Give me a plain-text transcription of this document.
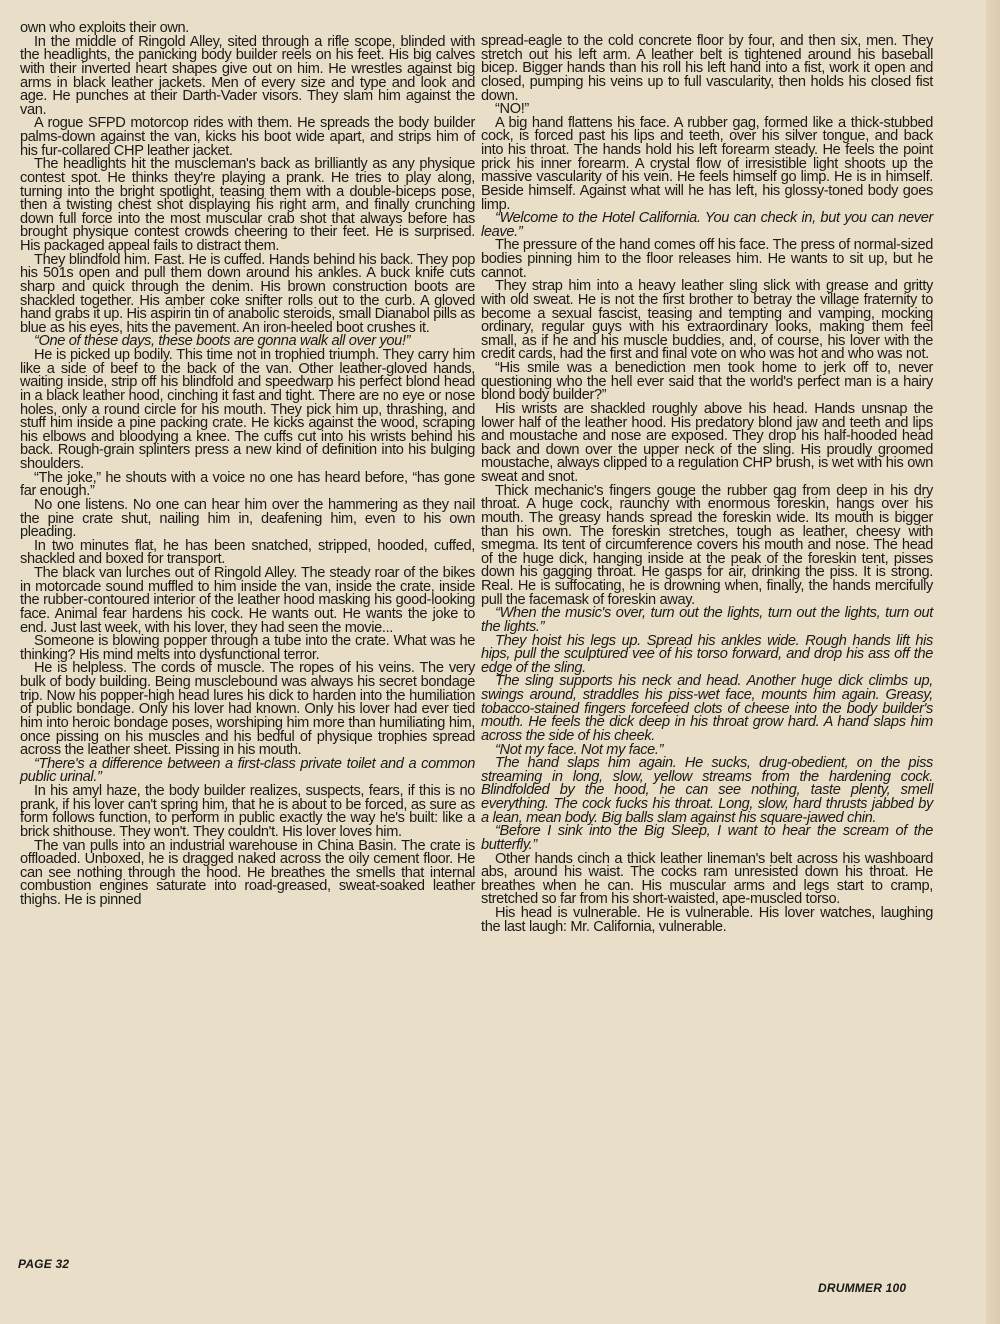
own who exploits their own.

In the middle of Ringold Alley, sited through a rifle scope, blinded with the headlights, the panicking body builder reels on his feet. His big calves with their inverted heart shapes give out on him. He wrestles against big arms in black leather jackets. Men of every size and type and look and age. He punches at their Darth-Vader visors. They slam him against the van.

A rogue SFPD motorcop rides with them. He spreads the body builder palms-down against the van, kicks his boot wide apart, and strips him of his fur-collared CHP leather jacket.

The headlights hit the muscleman's back as brilliantly as any physique contest spot. He thinks they're playing a prank. He tries to play along, turning into the bright spotlight, teasing them with a double-biceps pose, then a twisting chest shot displaying his right arm, and finally crunching down full force into the most muscular crab shot that always before has brought physique contest crowds cheering to their feet. He is surprised. His packaged appeal fails to distract them.

They blindfold him. Fast. He is cuffed. Hands behind his back. They pop his 501s open and pull them down around his ankles. A buck knife cuts sharp and quick through the denim. His brown construction boots are shackled together. His amber coke snifter rolls out to the curb. A gloved hand grabs it up. His aspirin tin of anabolic steroids, small Dianabol pills as blue as his eyes, hits the pavement. An iron-heeled boot crushes it.

“One of these days, these boots are gonna walk all over you!”

He is picked up bodily. This time not in trophied triumph. They carry him like a side of beef to the back of the van. Other leather-gloved hands, waiting inside, strip off his blindfold and speedwarp his perfect blond head in a black leather hood, cinching it fast and tight. There are no eye or nose holes, only a round circle for his mouth. They pick him up, thrashing, and stuff him inside a pine packing crate. He kicks against the wood, scraping his elbows and bloodying a knee. The cuffs cut into his wrists behind his back. Rough-grain splinters press a new kind of definition into his bulging shoulders.

“The joke,” he shouts with a voice no one has heard before, “has gone far enough.”

No one listens. No one can hear him over the hammering as they nail the pine crate shut, nailing him in, deafening him, even to his own pleading.

In two minutes flat, he has been snatched, stripped, hooded, cuffed, shackled and boxed for transport.

The black van lurches out of Ringold Alley. The steady roar of the bikes in motorcade sound muffled to him inside the van, inside the crate, inside the rubber-contoured interior of the leather hood masking his good-looking face. Animal fear hardens his cock. He wants out. He wants the joke to end. Just last week, with his lover, they had seen the movie...

Someone is blowing popper through a tube into the crate. What was he thinking? His mind melts into dysfunctional terror.

He is helpless. The cords of muscle. The ropes of his veins. The very bulk of body building. Being musclebound was always his secret bondage trip. Now his popper-high head lures his dick to harden into the humiliation of public bondage. Only his lover had known. Only his lover had ever tied him into heroic bondage poses, worshiping him more than humiliating him, once pissing on his muscles and his bedful of physique trophies spread across the leather sheet. Pissing in his mouth.

“There's a difference between a first-class private toilet and a common public urinal.”

In his amyl haze, the body builder realizes, suspects, fears, if this is no prank, if his lover can't spring him, that he is about to be forced, as sure as form follows function, to perform in public exactly the way he's built: like a brick shithouse. They won't. They couldn't. His lover loves him.

The van pulls into an industrial warehouse in China Basin. The crate is offloaded. Unboxed, he is dragged naked across the oily cement floor. He can see nothing through the hood. He breathes the smells that internal combustion engines saturate into road-greased, sweat-soaked leather thighs. He is pinned

spread-eagle to the cold concrete floor by four, and then six, men. They stretch out his left arm. A leather belt is tightened around his baseball bicep. Bigger hands than his roll his left hand into a fist, work it open and closed, pumping his veins up to full vascularity, then holds his closed fist down.

“NO!”

A big hand flattens his face. A rubber gag, formed like a thick-stubbed cock, is forced past his lips and teeth, over his silver tongue, and back into his throat. The hands hold his left forearm steady. He feels the point prick his inner forearm. A crystal flow of irresistible light shoots up the massive vascularity of his vein. He feels himself go limp. He is in himself. Beside himself. Against what will he has left, his glossy-toned body goes limp.

“Welcome to the Hotel California. You can check in, but you can never leave.”

The pressure of the hand comes off his face. The press of normal-sized bodies pinning him to the floor releases him. He wants to sit up, but he cannot.

They strap him into a heavy leather sling slick with grease and gritty with old sweat. He is not the first brother to betray the village fraternity to become a sexual fascist, teasing and tempting and vamping, mocking ordinary, regular guys with his extraordinary looks, making them feel small, as if he and his muscle buddies, and, of course, his lover with the credit cards, had the first and final vote on who was hot and who was not.

“His smile was a benediction men took home to jerk off to, never questioning who the hell ever said that the world's perfect man is a hairy blond body builder?”

His wrists are shackled roughly above his head. Hands unsnap the lower half of the leather hood. His predatory blond jaw and teeth and lips and moustache and nose are exposed. They drop his half-hooded head back and down over the upper neck of the sling. His proudly groomed moustache, always clipped to a regulation CHP brush, is wet with his own sweat and snot.

Thick mechanic's fingers gouge the rubber gag from deep in his dry throat. A huge cock, raunchy with enormous foreskin, hangs over his mouth. The greasy hands spread the foreskin wide. Its mouth is bigger than his own. The foreskin stretches, tough as leather, cheesy with smegma. Its tent of circumference covers his mouth and nose. The head of the huge dick, hanging inside at the peak of the foreskin tent, pisses down his gagging throat. He gasps for air, drinking the piss. It is strong. Real. He is suffocating, he is drowning when, finally, the hands mercifully pull the facemask of foreskin away.

“When the music's over, turn out the lights, turn out the lights, turn out the lights.”

They hoist his legs up. Spread his ankles wide. Rough hands lift his hips, pull the sculptured vee of his torso forward, and drop his ass off the edge of the sling.

The sling supports his neck and head. Another huge dick climbs up, swings around, straddles his piss-wet face, mounts him again. Greasy, tobacco-stained fingers forcefeed clots of cheese into the body builder's mouth. He feels the dick deep in his throat grow hard. A hand slaps him across the side of his cheek.

“Not my face. Not my face.”

The hand slaps him again. He sucks, drug-obedient, on the piss streaming in long, slow, yellow streams from the hardening cock. Blindfolded by the hood, he can see nothing, taste plenty, smell everything. The cock fucks his throat. Long, slow, hard thrusts jabbed by a lean, mean body. Big balls slam against his square-jawed chin.

“Before I sink into the Big Sleep, I want to hear the scream of the butterfly.”

Other hands cinch a thick leather lineman's belt across his washboard abs, around his waist. The cocks ram unresisted down his throat. He breathes when he can. His muscular arms and legs start to cramp, stretched so far from his short-waisted, ape-muscled torso.

His head is vulnerable. He is vulnerable. His lover watches, laughing the last laugh: Mr. California, vulnerable.

PAGE 32
DRUMMER 100
